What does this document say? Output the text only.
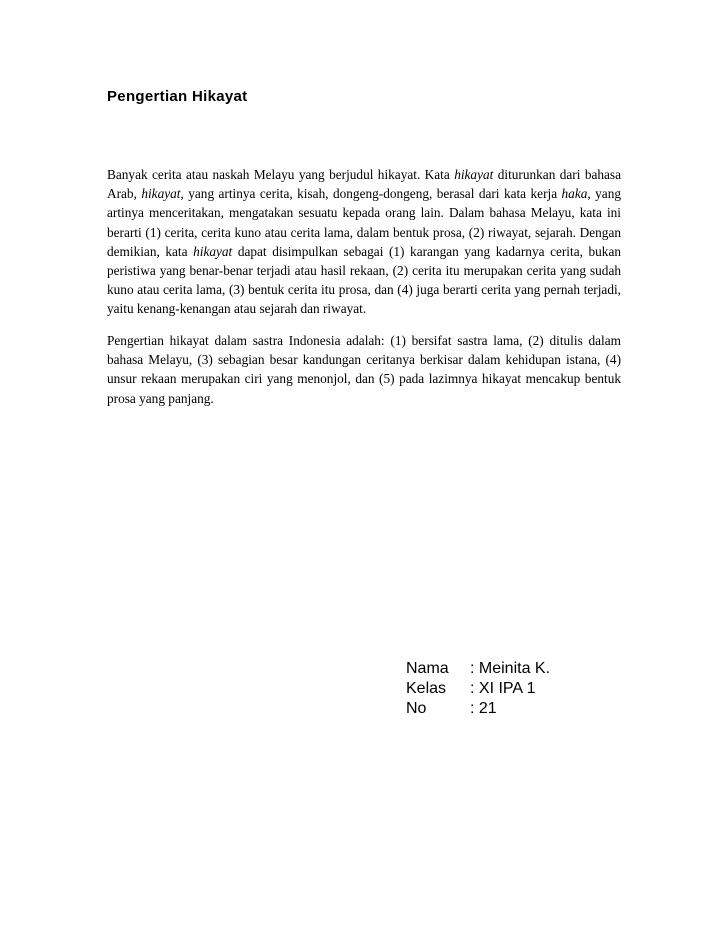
Pengertian Hikayat

Banyak cerita atau naskah Melayu yang berjudul hikayat. Kata hikayat diturunkan dari bahasa Arab, hikayat, yang artinya cerita, kisah, dongeng-dongeng, berasal dari kata kerja haka, yang artinya menceritakan, mengatakan sesuatu kepada orang lain. Dalam bahasa Melayu, kata ini berarti (1) cerita, cerita kuno atau cerita lama, dalam bentuk prosa, (2) riwayat, sejarah. Dengan demikian, kata hikayat dapat disimpulkan sebagai (1) karangan yang kadarnya cerita, bukan peristiwa yang benar-benar terjadi atau hasil rekaan, (2) cerita itu merupakan cerita yang sudah kuno atau cerita lama, (3) bentuk cerita itu prosa, dan (4) juga berarti cerita yang pernah terjadi, yaitu kenang-kenangan atau sejarah dan riwayat.

Pengertian hikayat dalam sastra Indonesia adalah: (1) bersifat sastra lama, (2) ditulis dalam bahasa Melayu, (3) sebagian besar kandungan ceritanya berkisar dalam kehidupan istana, (4) unsur rekaan merupakan ciri yang menonjol, dan (5) pada lazimnya hikayat mencakup bentuk prosa yang panjang.

Nama	: Meinita K.
Kelas	: XI IPA 1
No	: 21
